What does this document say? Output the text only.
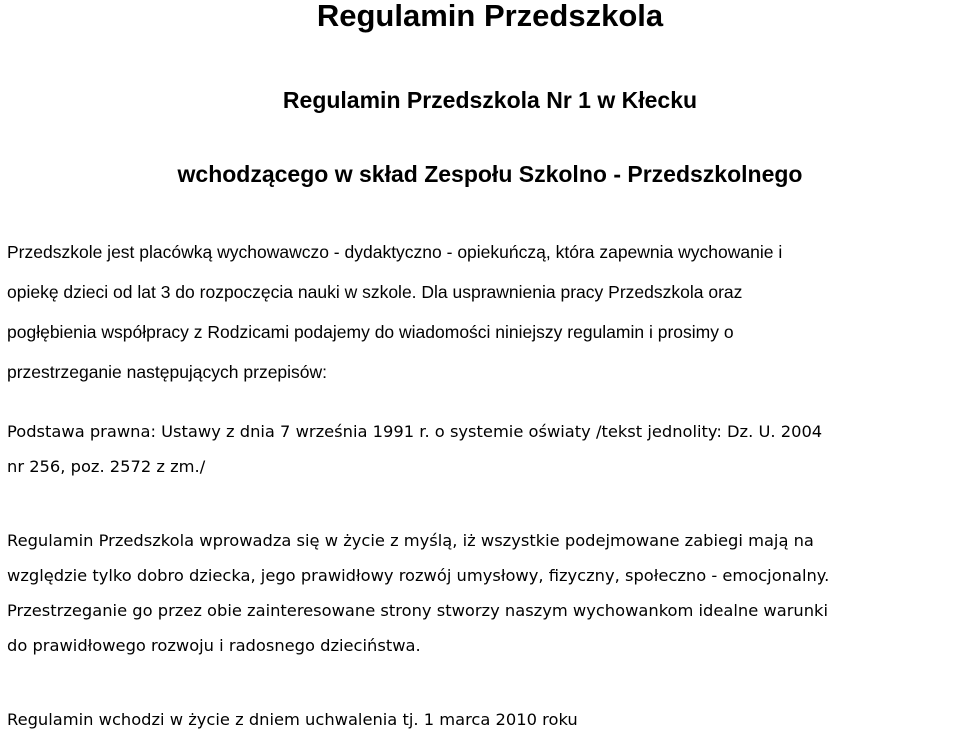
Regulamin Przedszkola
Regulamin Przedszkola Nr 1 w Kłecku
wchodzącego w skład Zespołu Szkolno - Przedszkolnego
Przedszkole jest placówką wychowawczo - dydaktyczno - opiekuńczą, która zapewnia wychowanie i
opiekę dzieci od lat 3 do rozpoczęcia nauki w szkole. Dla usprawnienia pracy Przedszkola oraz
pogłębienia współpracy z Rodzicami podajemy do wiadomości niniejszy regulamin i prosimy o
przestrzeganie następujących przepisów:
Podstawa prawna: Ustawy z dnia 7 września 1991 r. o systemie oświaty /tekst jednolity: Dz. U. 2004
nr 256, poz. 2572 z zm./
Regulamin Przedszkola wprowadza się w życie z myślą, iż wszystkie podejmowane zabiegi mają na
względzie tylko dobro dziecka, jego prawidłowy rozwój umysłowy, fizyczny, społeczno - emocjonalny.
Przestrzeganie go przez obie zainteresowane strony stworzy naszym wychowankom idealne warunki
do prawidłowego rozwoju i radosnego dzieciństwa.
Regulamin wchodzi w życie z dniem uchwalenia tj. 1 marca 2010 roku
